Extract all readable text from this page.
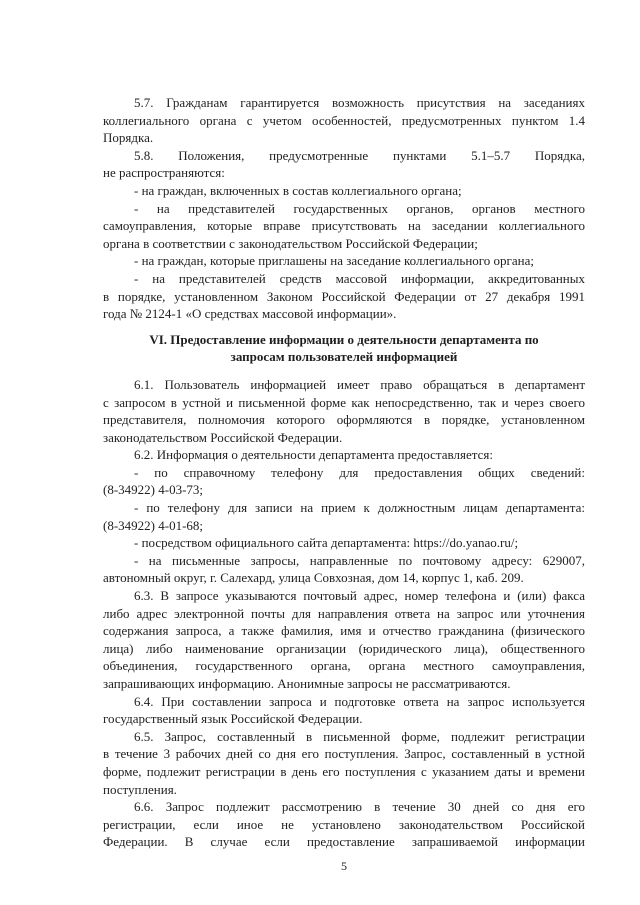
5.7. Гражданам гарантируется возможность присутствия на заседаниях
коллегиального органа с учетом особенностей, предусмотренных пунктом 1.4
Порядка.
5.8. Положения, предусмотренные пунктами 5.1–5.7 Порядка,
не распространяются:
- на граждан, включенных в состав коллегиального органа;
- на представителей государственных органов, органов местного
самоуправления, которые вправе присутствовать на заседании коллегиального
органа в соответствии с законодательством Российской Федерации;
- на граждан, которые приглашены на заседание коллегиального органа;
- на представителей средств массовой информации, аккредитованных
в порядке, установленном Законом Российской Федерации от 27 декабря 1991
года № 2124-1 «О средствах массовой информации».
VI. Предоставление информации о деятельности департамента по
запросам пользователей информацией
6.1. Пользователь информацией имеет право обращаться в департамент
с запросом в устной и письменной форме как непосредственно, так и через своего
представителя, полномочия которого оформляются в порядке, установленном
законодательством Российской Федерации.
6.2. Информация о деятельности департамента предоставляется:
- по справочному телефону для предоставления общих сведений:
(8-34922) 4-03-73;
- по телефону для записи на прием к должностным лицам департамента:
(8-34922) 4-01-68;
- посредством официального сайта департамента: https://do.yanao.ru/;
- на письменные запросы, направленные по почтовому адресу: 629007,
автономный округ, г. Салехард, улица Совхозная, дом 14, корпус 1, каб. 209.
6.3. В запросе указываются почтовый адрес, номер телефона и (или) факса
либо адрес электронной почты для направления ответа на запрос или уточнения
содержания запроса, а также фамилия, имя и отчество гражданина (физического
лица) либо наименование организации (юридического лица), общественного
объединения, государственного органа, органа местного самоуправления,
запрашивающих информацию. Анонимные запросы не рассматриваются.
6.4. При составлении запроса и подготовке ответа на запрос используется
государственный язык Российской Федерации.
6.5. Запрос, составленный в письменной форме, подлежит регистрации
в течение 3 рабочих дней со дня его поступления. Запрос, составленный в устной
форме, подлежит регистрации в день его поступления с указанием даты и времени
поступления.
6.6. Запрос подлежит рассмотрению в течение 30 дней со дня его
регистрации, если иное не установлено законодательством Российской
Федерации. В случае если предоставление запрашиваемой информации
5
